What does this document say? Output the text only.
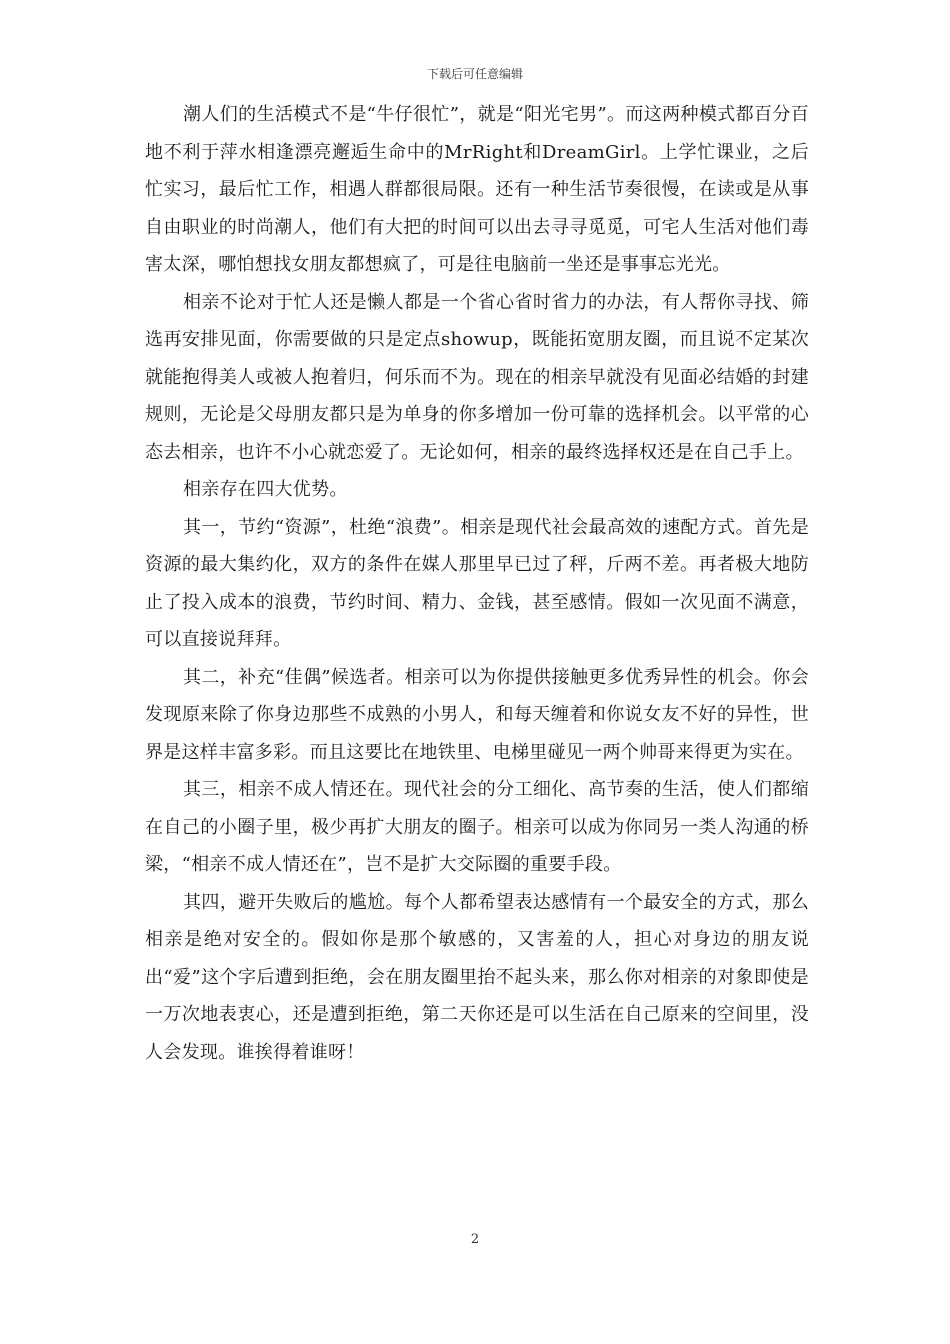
下载后可任意编辑

潮人们的生活模式不是“牛仔很忙”，就是“阳光宅男”。而这两种模式都百分百地不利于萍水相逢漂亮邂逅生命中的MrRight和DreamGirl。上学忙课业，之后忙实习，最后忙工作，相遇人群都很局限。还有一种生活节奏很慢，在读或是从事自由职业的时尚潮人，他们有大把的时间可以出去寻寻觅觅，可宅人生活对他们毒害太深，哪怕想找女朋友都想疯了，可是往电脑前一坐还是事事忘光光。

相亲不论对于忙人还是懒人都是一个省心省时省力的办法，有人帮你寻找、筛选再安排见面，你需要做的只是定点showup，既能拓宽朋友圈，而且说不定某次就能抱得美人或被人抱着归，何乐而不为。现在的相亲早就没有见面必结婚的封建规则，无论是父母朋友都只是为单身的你多增加一份可靠的选择机会。以平常的心态去相亲，也许不小心就恋爱了。无论如何，相亲的最终选择权还是在自己手上。

相亲存在四大优势。

其一，节约“资源”，杜绝“浪费”。相亲是现代社会最高效的速配方式。首先是资源的最大集约化，双方的条件在媒人那里早已过了秤，斤两不差。再者极大地防止了投入成本的浪费，节约时间、精力、金钱，甚至感情。假如一次见面不满意，可以直接说拜拜。

其二，补充“佳偶”候选者。相亲可以为你提供接触更多优秀异性的机会。你会发现原来除了你身边那些不成熟的小男人，和每天缠着和你说女友不好的异性，世界是这样丰富多彩。而且这要比在地铁里、电梯里碰见一两个帅哥来得更为实在。

其三，相亲不成人情还在。现代社会的分工细化、高节奏的生活，使人们都缩在自己的小圈子里，极少再扩大朋友的圈子。相亲可以成为你同另一类人沟通的桥梁，“相亲不成人情还在”，岂不是扩大交际圈的重要手段。

其四，避开失败后的尴尬。每个人都希望表达感情有一个最安全的方式，那么相亲是绝对安全的。假如你是那个敏感的，又害羞的人，担心对身边的朋友说出“爱”这个字后遭到拒绝，会在朋友圈里抬不起头来，那么你对相亲的对象即使是一万次地表衷心，还是遭到拒绝，第二天你还是可以生活在自己原来的空间里，没人会发现。谁挨得着谁呀！

2
